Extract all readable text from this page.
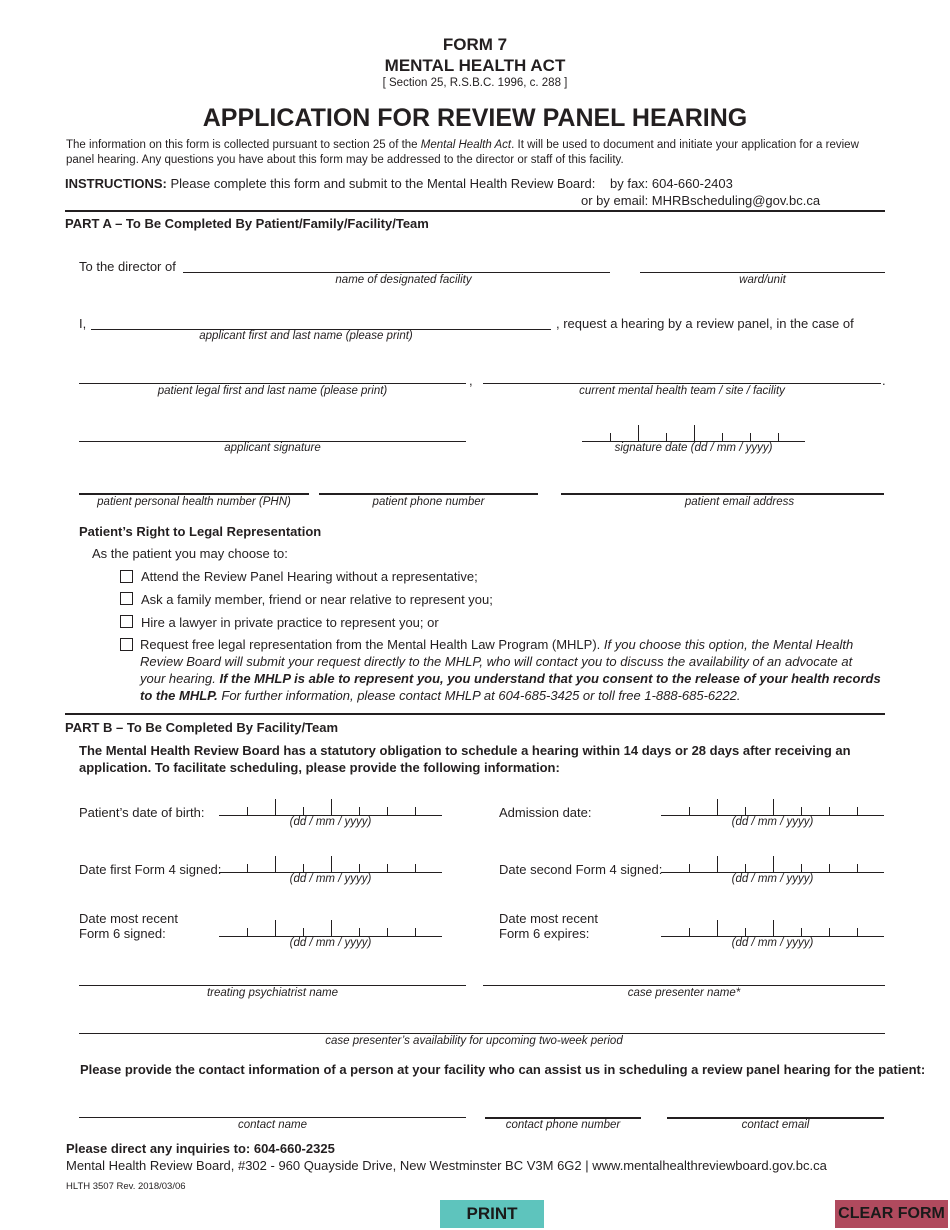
FORM 7
MENTAL HEALTH ACT
[ Section 25, R.S.B.C. 1996, c. 288 ]
APPLICATION FOR REVIEW PANEL HEARING
The information on this form is collected pursuant to section 25 of the Mental Health Act. It will be used to document and initiate your application for a review
panel hearing. Any questions you have about this form may be addressed to the director or staff of this facility.
INSTRUCTIONS: Please complete this form and submit to the Mental Health Review Board: by fax: 604-660-2403
or by email: MHRBscheduling@gov.bc.ca
PART A – To Be Completed By Patient/Family/Facility/Team
To the director of
name of designated facility	ward/unit
I,
applicant first and last name (please print)
, request a hearing by a review panel, in the case of
patient legal first and last name (please print)
,
current mental health team / site / facility
.
applicant signature	signature date (dd / mm / yyyy)
patient personal health number (PHN)	patient phone number	patient email address
Patient’s Right to Legal Representation
As the patient you may choose to:
Attend the Review Panel Hearing without a representative;
Ask a family member, friend or near relative to represent you;
Hire a lawyer in private practice to represent you; or
Request free legal representation from the Mental Health Law Program (MHLP). If you choose this option, the Mental Health
Review Board will submit your request directly to the MHLP, who will contact you to discuss the availability of an advocate at
your hearing. If the MHLP is able to represent you, you understand that you consent to the release of your health records
to the MHLP. For further information, please contact MHLP at 604-685-3425 or toll free 1-888-685-6222.
PART B – To Be Completed By Facility/Team
The Mental Health Review Board has a statutory obligation to schedule a hearing within 14 days or 28 days after receiving an
application. To facilitate scheduling, please provide the following information:
Patient’s date of birth:
(dd / mm / yyyy)
Admission date:
(dd / mm / yyyy)
Date first Form 4 signed:
(dd / mm / yyyy)
Date second Form 4 signed:
(dd / mm / yyyy)
Date most recent
Form 6 signed:
(dd / mm / yyyy)
Date most recent
Form 6 expires:
(dd / mm / yyyy)
treating psychiatrist name	case presenter name*
case presenter’s availability for upcoming two-week period
Please provide the contact information of a person at your facility who can assist us in scheduling a review panel hearing for the patient:
contact name	contact phone number	contact email
Please direct any inquiries to: 604-660-2325
Mental Health Review Board, #302 - 960 Quayside Drive, New Westminster BC V3M 6G2 | www.mentalhealthreviewboard.gov.bc.ca
HLTH 3507 Rev. 2018/03/06
PRINT	CLEAR FORM
